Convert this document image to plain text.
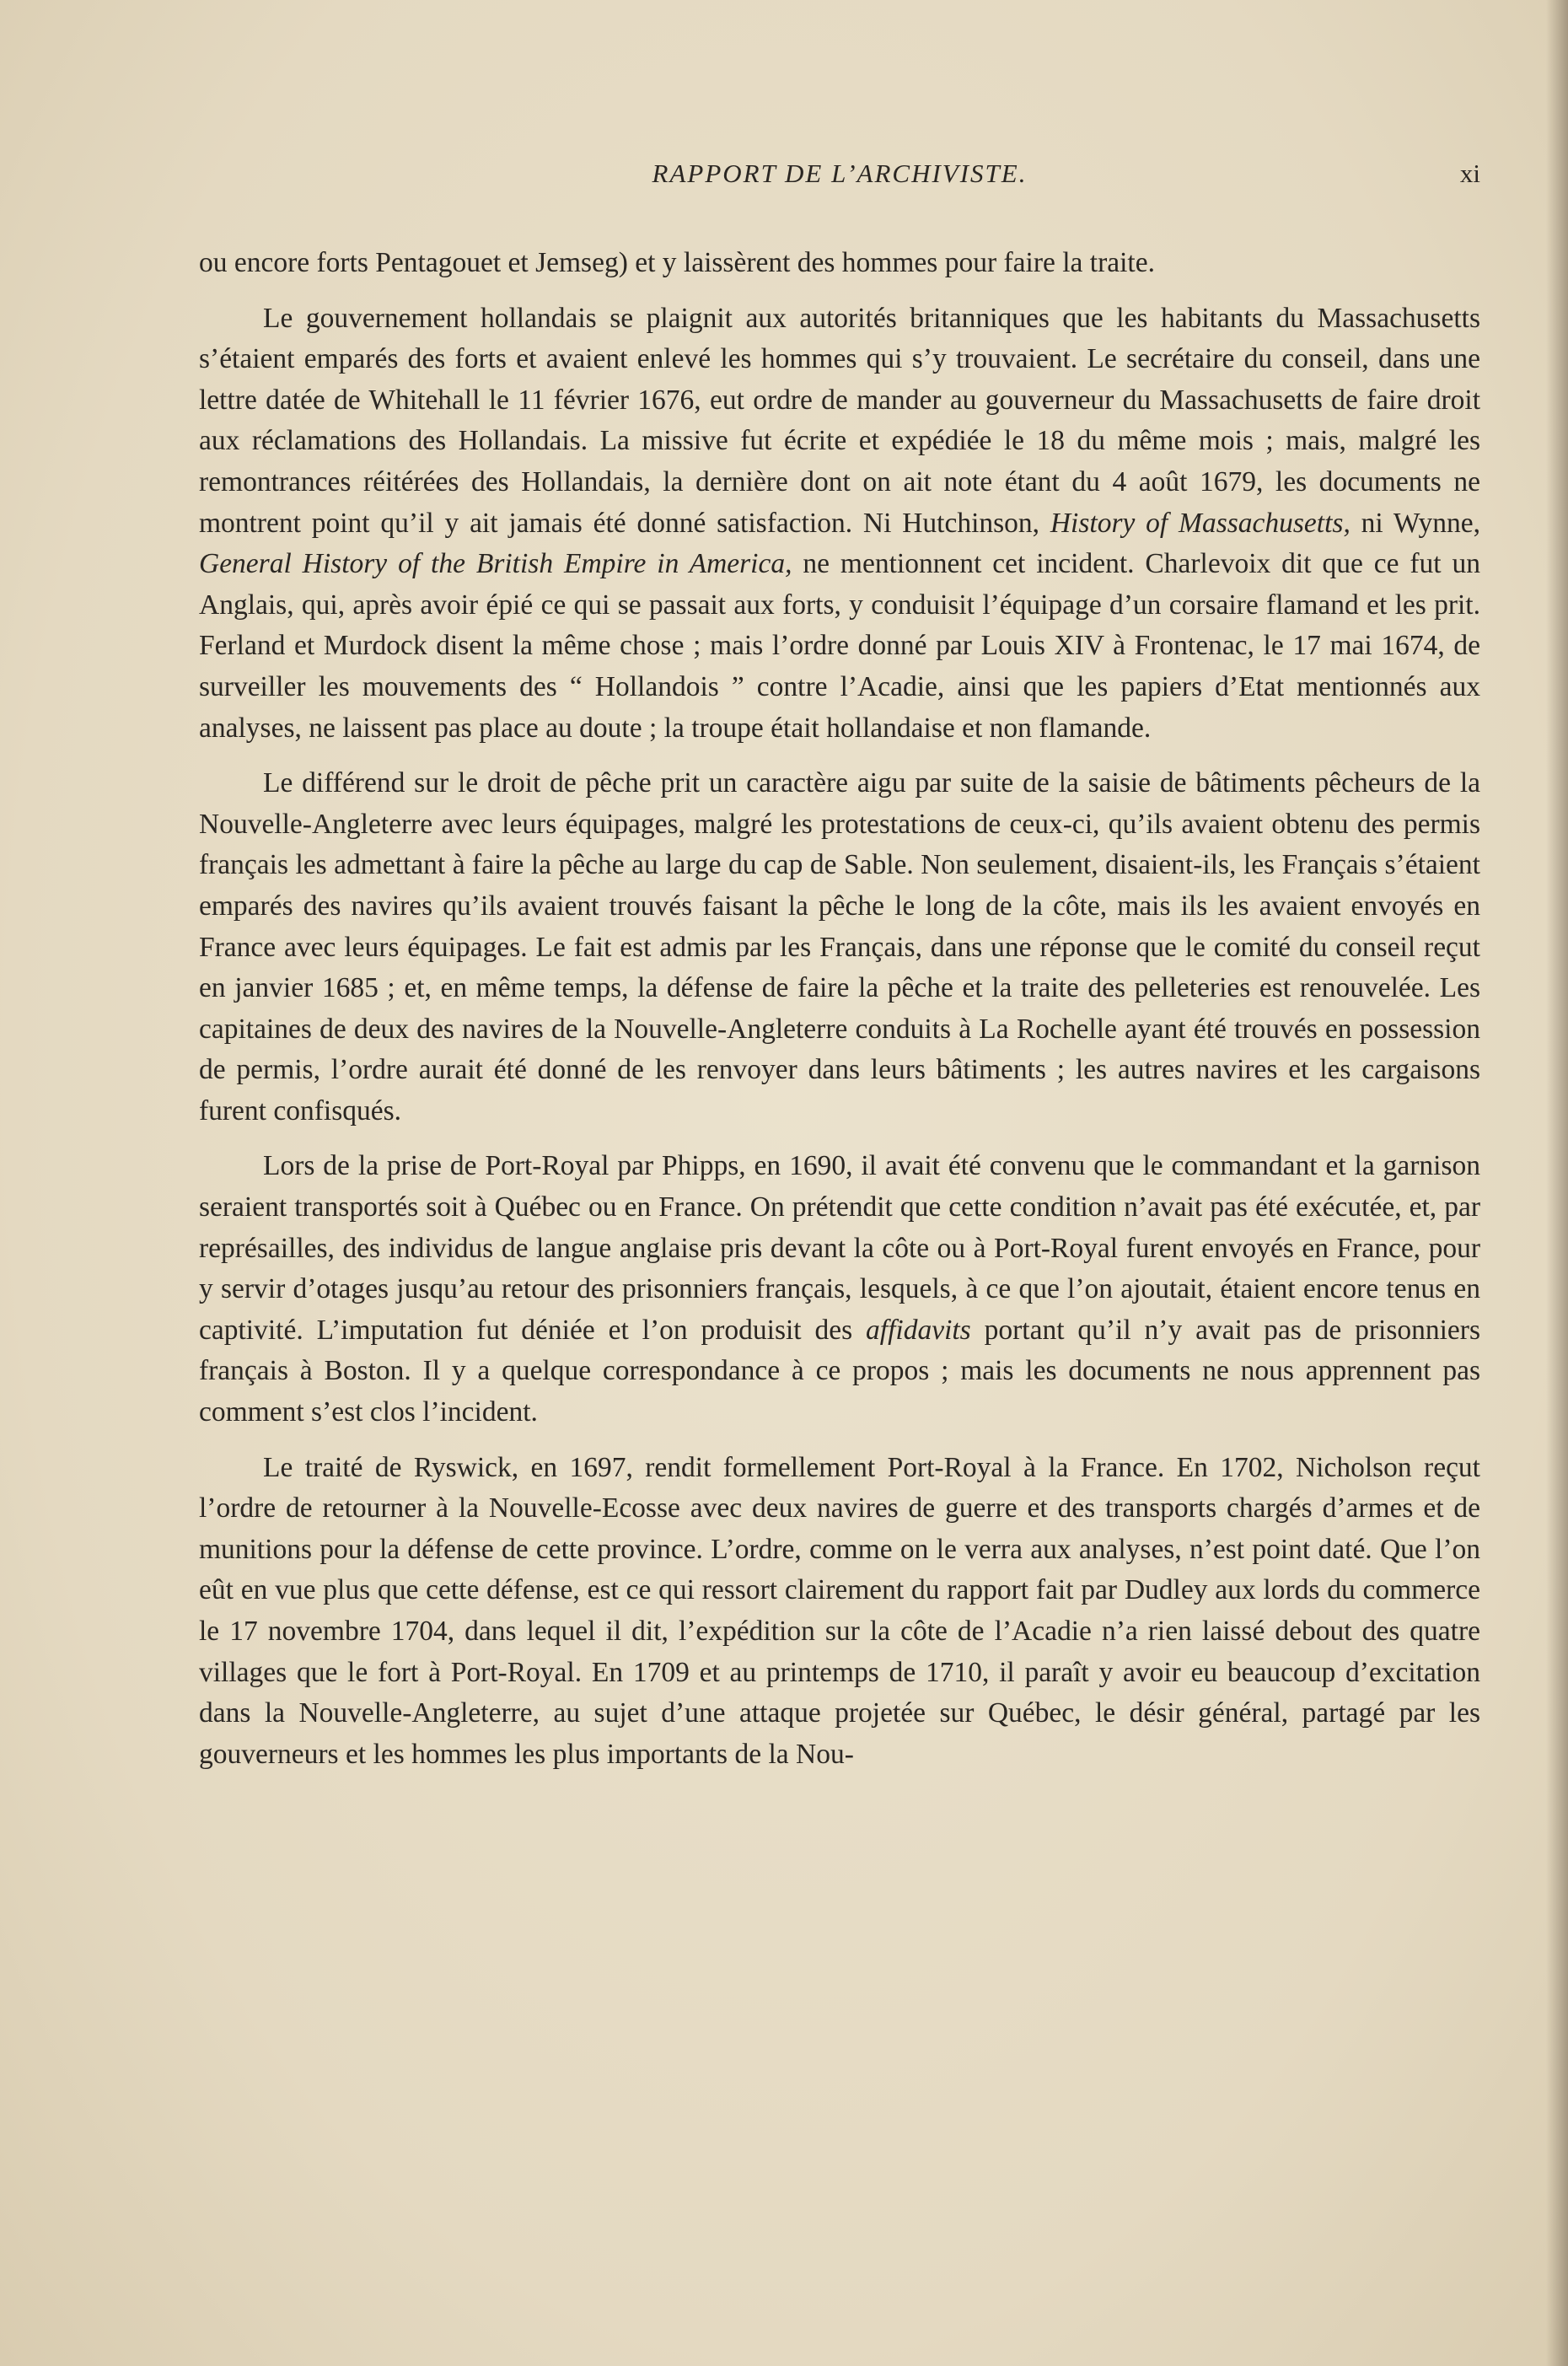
RAPPORT DE L’ARCHIVISTE.	xi

ou encore forts Pentagouet et Jemseg) et y laissèrent des hommes pour faire la traite.

Le gouvernement hollandais se plaignit aux autorités britanniques que les habitants du Massachusetts s’étaient emparés des forts et avaient enlevé les hommes qui s’y trouvaient. Le secrétaire du conseil, dans une lettre datée de Whitehall le 11 février 1676, eut ordre de mander au gouverneur du Massachusetts de faire droit aux réclamations des Hollandais. La missive fut écrite et expédiée le 18 du même mois ; mais, malgré les remontrances réitérées des Hollandais, la dernière dont on ait note étant du 4 août 1679, les documents ne montrent point qu’il y ait jamais été donné satisfaction. Ni Hutchinson, History of Massachusetts, ni Wynne, General History of the British Empire in America, ne mentionnent cet incident. Charlevoix dit que ce fut un Anglais, qui, après avoir épié ce qui se passait aux forts, y conduisit l’équipage d’un corsaire flamand et les prit. Ferland et Murdock disent la même chose ; mais l’ordre donné par Louis XIV à Frontenac, le 17 mai 1674, de surveiller les mouvements des “ Hollandois ” contre l’Acadie, ainsi que les papiers d’Etat mentionnés aux analyses, ne laissent pas place au doute ; la troupe était hollandaise et non flamande.

Le différend sur le droit de pêche prit un caractère aigu par suite de la saisie de bâtiments pêcheurs de la Nouvelle-Angleterre avec leurs équipages, malgré les protestations de ceux-ci, qu’ils avaient obtenu des permis français les admettant à faire la pêche au large du cap de Sable. Non seulement, disaient-ils, les Français s’étaient emparés des navires qu’ils avaient trouvés faisant la pêche le long de la côte, mais ils les avaient envoyés en France avec leurs équipages. Le fait est admis par les Français, dans une réponse que le comité du conseil reçut en janvier 1685 ; et, en même temps, la défense de faire la pêche et la traite des pelleteries est renouvelée. Les capitaines de deux des navires de la Nouvelle-Angleterre conduits à La Rochelle ayant été trouvés en possession de permis, l’ordre aurait été donné de les renvoyer dans leurs bâtiments ; les autres navires et les cargaisons furent confisqués.

Lors de la prise de Port-Royal par Phipps, en 1690, il avait été convenu que le commandant et la garnison seraient transportés soit à Québec ou en France. On prétendit que cette condition n’avait pas été exécutée, et, par représailles, des individus de langue anglaise pris devant la côte ou à Port-Royal furent envoyés en France, pour y servir d’otages jusqu’au retour des prisonniers français, lesquels, à ce que l’on ajoutait, étaient encore tenus en captivité. L’imputation fut déniée et l’on produisit des affidavits portant qu’il n’y avait pas de prisonniers français à Boston. Il y a quelque correspondance à ce propos ; mais les documents ne nous apprennent pas comment s’est clos l’incident.

Le traité de Ryswick, en 1697, rendit formellement Port-Royal à la France. En 1702, Nicholson reçut l’ordre de retourner à la Nouvelle-Ecosse avec deux navires de guerre et des transports chargés d’armes et de munitions pour la défense de cette province. L’ordre, comme on le verra aux analyses, n’est point daté. Que l’on eût en vue plus que cette défense, est ce qui ressort clairement du rapport fait par Dudley aux lords du commerce le 17 novembre 1704, dans lequel il dit, l’expédition sur la côte de l’Acadie n’a rien laissé debout des quatre villages que le fort à Port-Royal. En 1709 et au printemps de 1710, il paraît y avoir eu beaucoup d’excitation dans la Nouvelle-Angleterre, au sujet d’une attaque projetée sur Québec, le désir général, partagé par les gouverneurs et les hommes les plus importants de la Nou-
